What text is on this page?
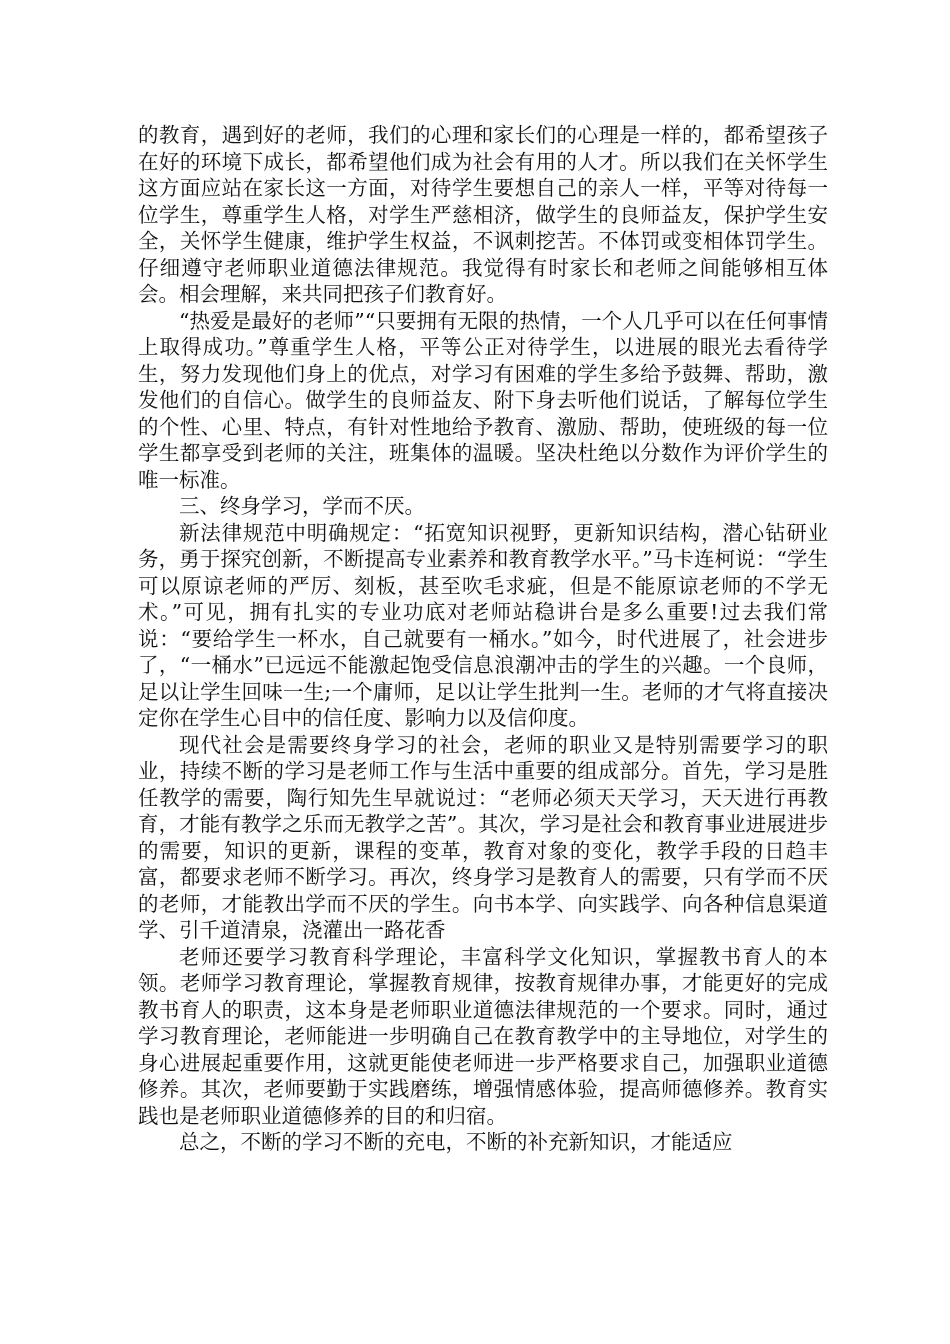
的教育，遇到好的老师，我们的心理和家长们的心理是一样的，都希望孩子在好的环境下成长，都希望他们成为社会有用的人才。所以我们在关怀学生这方面应站在家长这一方面，对待学生要想自己的亲人一样，平等对待每一位学生，尊重学生人格，对学生严慈相济，做学生的良师益友，保护学生安全，关怀学生健康，维护学生权益，不讽刺挖苦。不体罚或变相体罚学生。仔细遵守老师职业道德法律规范。我觉得有时家长和老师之间能够相互体会。相会理解，来共同把孩子们教育好。

“热爱是最好的老师”“只要拥有无限的热情，一个人几乎可以在任何事情上取得成功。”尊重学生人格，平等公正对待学生，以进展的眼光去看待学生，努力发现他们身上的优点，对学习有困难的学生多给予鼓舞、帮助，激发他们的自信心。做学生的良师益友、附下身去听他们说话，了解每位学生的个性、心里、特点，有针对性地给予教育、激励、帮助，使班级的每一位学生都享受到老师的关注，班集体的温暖。坚决杜绝以分数作为评价学生的唯一标准。

三、终身学习，学而不厌。

新法律规范中明确规定：“拓宽知识视野，更新知识结构，潜心钻研业务，勇于探究创新，不断提高专业素养和教育教学水平。”马卡连柯说：“学生可以原谅老师的严厉、刻板，甚至吹毛求疵，但是不能原谅老师的不学无术。”可见，拥有扎实的专业功底对老师站稳讲台是多么重要!过去我们常说：“要给学生一杯水，自己就要有一桶水。”如今，时代进展了，社会进步了，“一桶水”已远远不能激起饱受信息浪潮冲击的学生的兴趣。一个良师，足以让学生回味一生;一个庸师，足以让学生批判一生。老师的才气将直接决定你在学生心目中的信任度、影响力以及信仰度。

现代社会是需要终身学习的社会，老师的职业又是特别需要学习的职业，持续不断的学习是老师工作与生活中重要的组成部分。首先，学习是胜任教学的需要，陶行知先生早就说过：“老师必须天天学习，天天进行再教育，才能有教学之乐而无教学之苦”。其次，学习是社会和教育事业进展进步的需要，知识的更新，课程的变革，教育对象的变化，教学手段的日趋丰富，都要求老师不断学习。再次，终身学习是教育人的需要，只有学而不厌的老师，才能教出学而不厌的学生。向书本学、向实践学、向各种信息渠道学、引千道清泉，浇灌出一路花香

老师还要学习教育科学理论，丰富科学文化知识，掌握教书育人的本领。老师学习教育理论，掌握教育规律，按教育规律办事，才能更好的完成教书育人的职责，这本身是老师职业道德法律规范的一个要求。同时，通过学习教育理论，老师能进一步明确自己在教育教学中的主导地位，对学生的身心进展起重要作用，这就更能使老师进一步严格要求自己，加强职业道德修养。其次，老师要勤于实践磨练，增强情感体验，提高师德修养。教育实践也是老师职业道德修养的目的和归宿。

总之，不断的学习不断的充电，不断的补充新知识，才能适应
